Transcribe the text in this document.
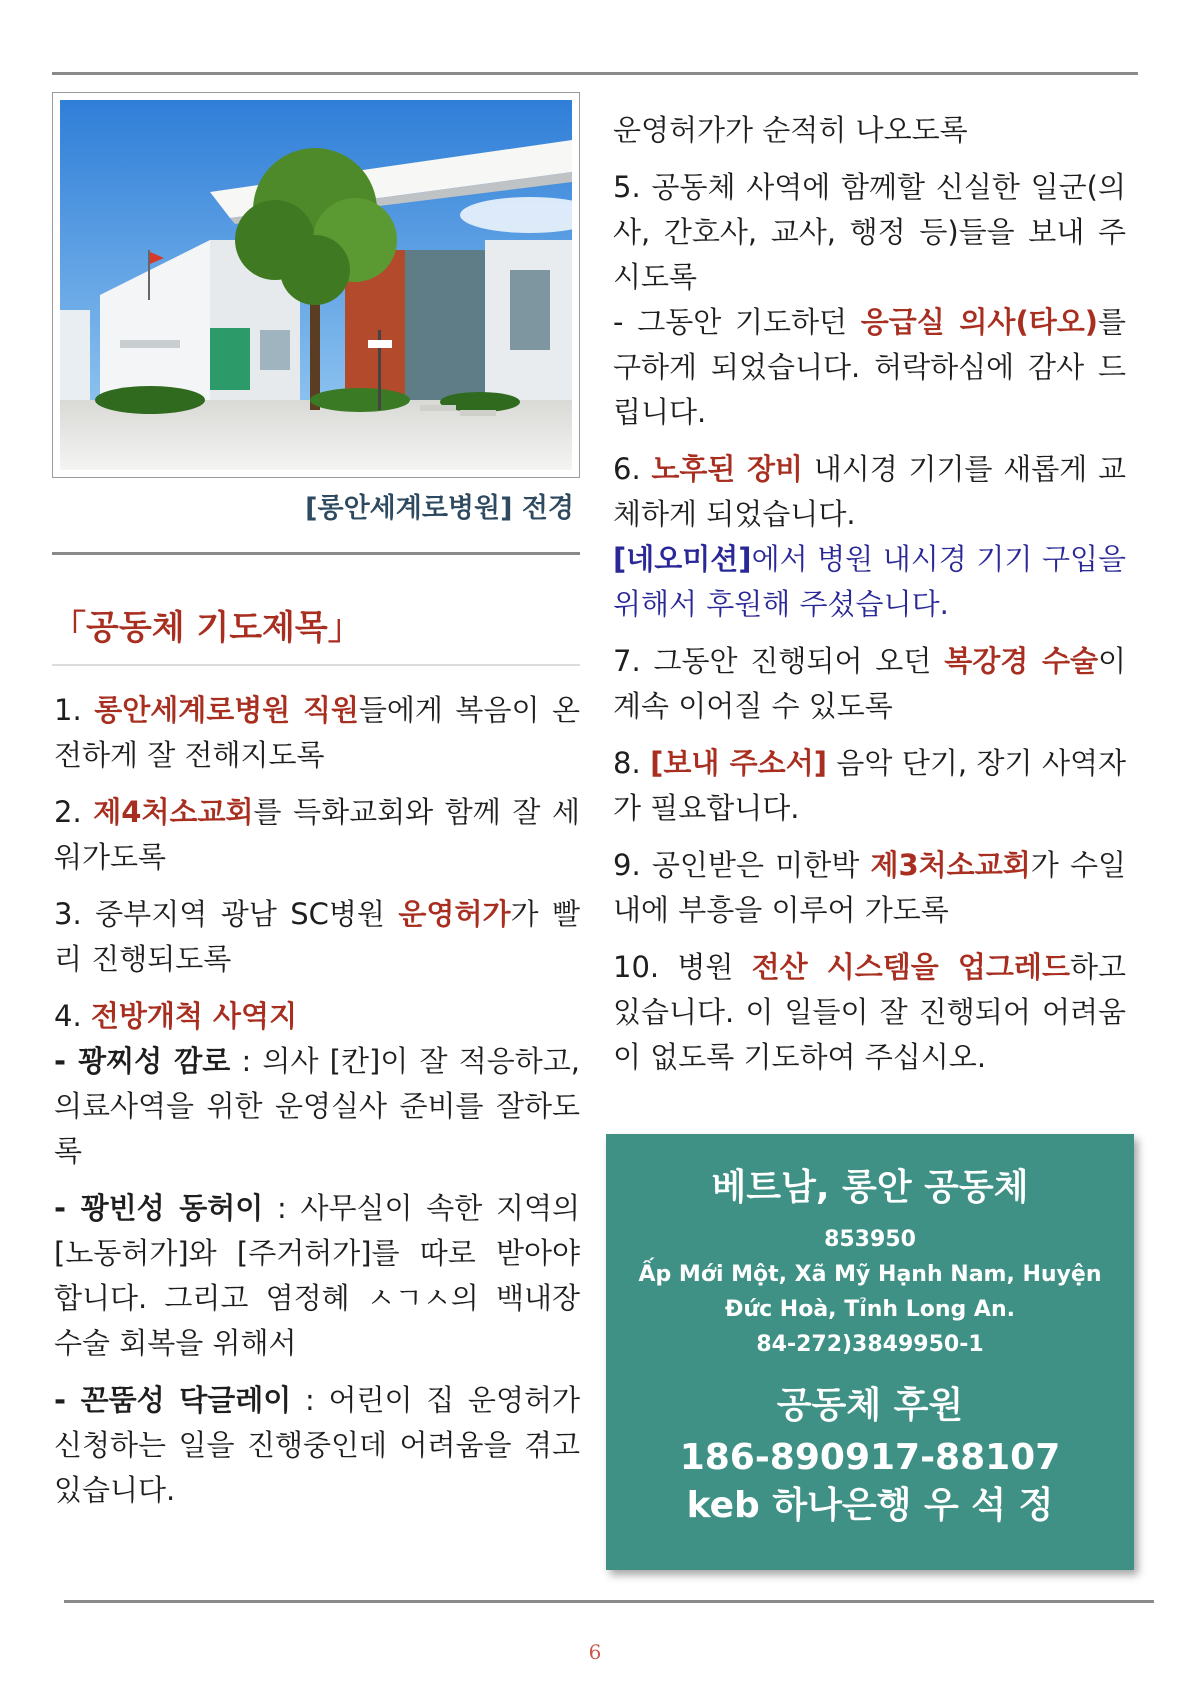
[롱안세계로병원] 전경
「공동체 기도제목」

1. 롱안세계로병원 직원들에게 복음이 온전하게 잘 전해지도록

2. 제4처소교회를 득화교회와 함께 잘 세워가도록

3. 중부지역 광남 SC병원 운영허가가 빨리 진행되도록

4. 전방개척 사역지
- 꽝찌성 깜로 : 의사 [칸]이 잘 적응하고, 의료사역을 위한 운영실사 준비를 잘하도록

- 꽝빈성 동허이 : 사무실이 속한 지역의 [노동허가]와 [주거허가]를 따로 받아야 합니다. 그리고 염정혜 ㅅㄱㅅ의 백내장 수술 회복을 위해서

- 꼰뚬성 닥글레이 : 어린이 집 운영허가 신청하는 일을 진행중인데 어려움을 겪고 있습니다.

운영허가가 순적히 나오도록

5. 공동체 사역에 함께할 신실한 일군(의사, 간호사, 교사, 행정 등)들을 보내 주시도록

- 그동안 기도하던 응급실 의사(타오)를 구하게 되었습니다. 허락하심에 감사 드립니다.

6. 노후된 장비 내시경 기기를 새롭게 교체하게 되었습니다.

[네오미션]에서 병원 내시경 기기 구입을 위해서 후원해 주셨습니다.

7. 그동안 진행되어 오던 복강경 수술이 계속 이어질 수 있도록

8. [보내 주소서] 음악 단기, 장기 사역자가 필요합니다.

9. 공인받은 미한박 제3처소교회가 수일내에 부흥을 이루어 가도록

10. 병원 전산 시스템을 업그레드하고 있습니다. 이 일들이 잘 진행되어 어려움이 없도록 기도하여 주십시오.

베트남, 롱안 공동체
853950
Ấp Mới Một, Xã Mỹ Hạnh Nam, Huyện
Đức Hoà, Tỉnh Long An.
84-272)3849950-1
공동체 후원
186-890917-88107
keb 하나은행 우 석 정
6
